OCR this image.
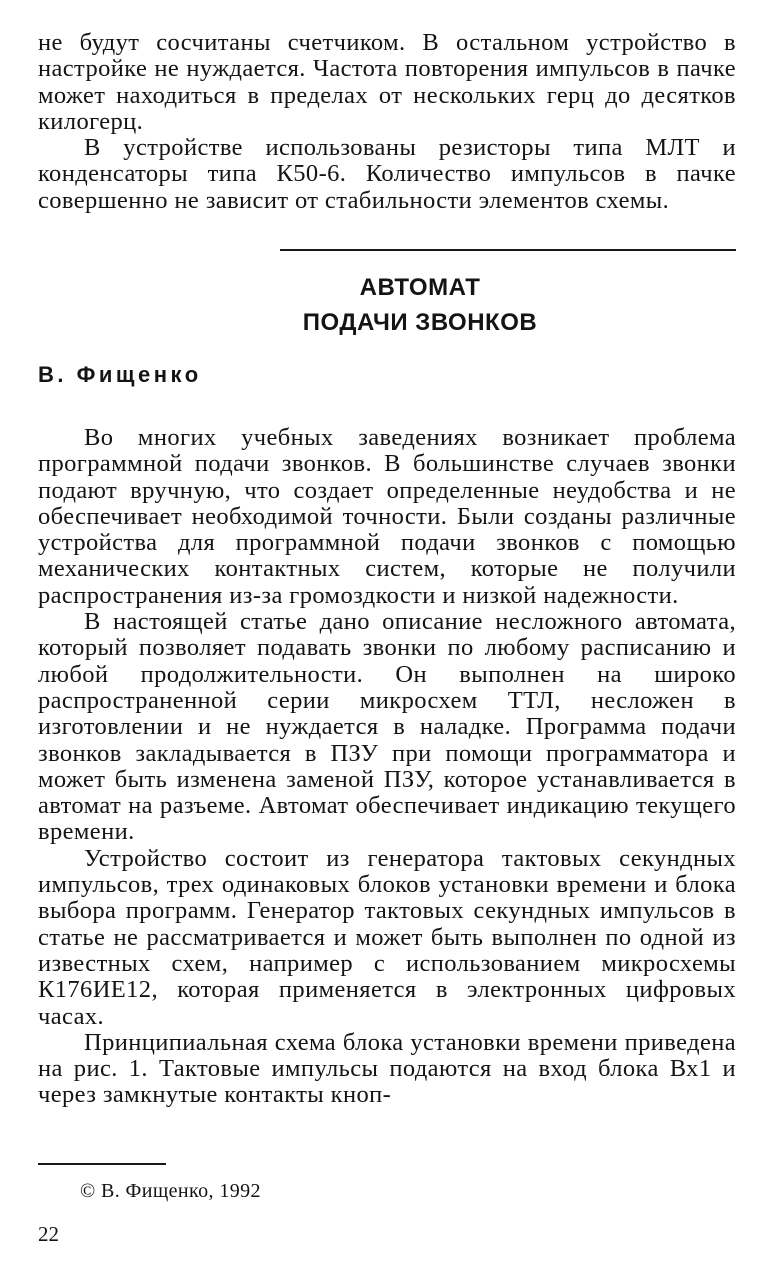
не будут сосчитаны счетчиком. В остальном устройство в настройке не нуждается. Частота повторения импульсов в пачке может находиться в пределах от нескольких герц до десятков килогерц.

В устройстве использованы резисторы типа МЛТ и конденсаторы типа К50-6. Количество импульсов в пачке совершенно не зависит от стабильности элементов схемы.

АВТОМАТ
ПОДАЧИ ЗВОНКОВ
В. Фищенко

Во многих учебных заведениях возникает проблема программной подачи звонков. В большинстве случаев звонки подают вручную, что создает определенные неудобства и не обеспечивает необходимой точности. Были созданы различные устройства для программной подачи звонков с помощью механических контактных систем, которые не получили распространения из-за громоздкости и низкой надежности.

В настоящей статье дано описание несложного автомата, который позволяет подавать звонки по любому расписанию и любой продолжительности. Он выполнен на широко распространенной серии микросхем ТТЛ, несложен в изготовлении и не нуждается в наладке. Программа подачи звонков закладывается в ПЗУ при помощи программатора и может быть изменена заменой ПЗУ, которое устанавливается в автомат на разъеме. Автомат обеспечивает индикацию текущего времени.

Устройство состоит из генератора тактовых секундных импульсов, трех одинаковых блоков установки времени и блока выбора программ. Генератор тактовых секундных импульсов в статье не рассматривается и может быть выполнен по одной из известных схем, например с использованием микросхемы К176ИЕ12, которая применяется в электронных цифровых часах.

Принципиальная схема блока установки времени приведена на рис. 1. Тактовые импульсы подаются на вход блока Вх1 и через замкнутые контакты кноп-

© В. Фищенко, 1992
22
